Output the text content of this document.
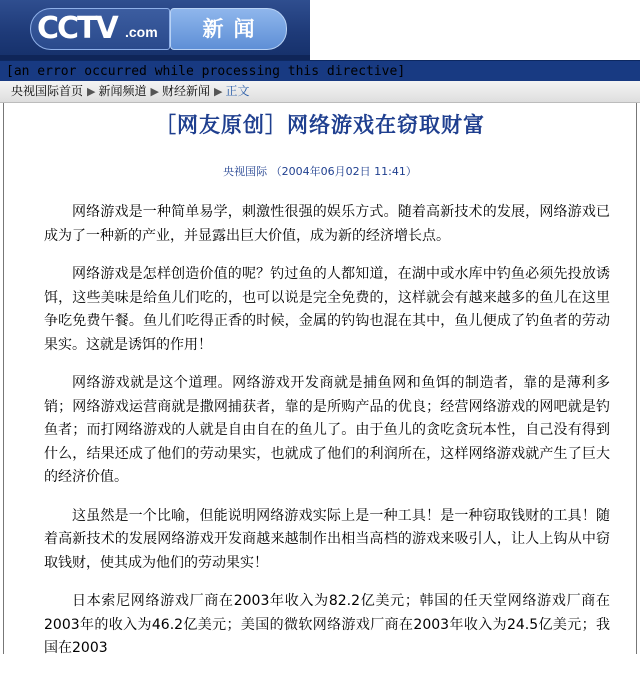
CCTV .com	新闻
[an error occurred while processing this directive]
央视国际首页 ▶ 新闻频道 ▶ 财经新闻 ▶ 正文
［网友原创］网络游戏在窃取财富
央视国际 （2004年06月02日 11:41）

网络游戏是一种简单易学，刺激性很强的娱乐方式。随着高新技术的发展，网络游戏已成为了一种新的产业，并显露出巨大价值，成为新的经济增长点。

网络游戏是怎样创造价值的呢？钓过鱼的人都知道，在湖中或水库中钓鱼必须先投放诱饵，这些美味是给鱼儿们吃的，也可以说是完全免费的，这样就会有越来越多的鱼儿在这里争吃免费午餐。鱼儿们吃得正香的时候，金属的钓钩也混在其中，鱼儿便成了钓鱼者的劳动果实。这就是诱饵的作用！

网络游戏就是这个道理。网络游戏开发商就是捕鱼网和鱼饵的制造者，靠的是薄利多销；网络游戏运营商就是撒网捕获者，靠的是所购产品的优良；经营网络游戏的网吧就是钓鱼者；而打网络游戏的人就是自由自在的鱼儿了。由于鱼儿的贪吃贪玩本性，自己没有得到什么，结果还成了他们的劳动果实，也就成了他们的利润所在，这样网络游戏就产生了巨大的经济价值。

这虽然是一个比喻，但能说明网络游戏实际上是一种工具！是一种窃取钱财的工具！随着高新技术的发展网络游戏开发商越来越制作出相当高档的游戏来吸引人，让人上钩从中窃取钱财，使其成为他们的劳动果实！

日本索尼网络游戏厂商在2003年收入为82.2亿美元；韩国的任天堂网络游戏厂商在2003年的收入为46.2亿美元；美国的微软网络游戏厂商在2003年收入为24.5亿美元；我国在2003
